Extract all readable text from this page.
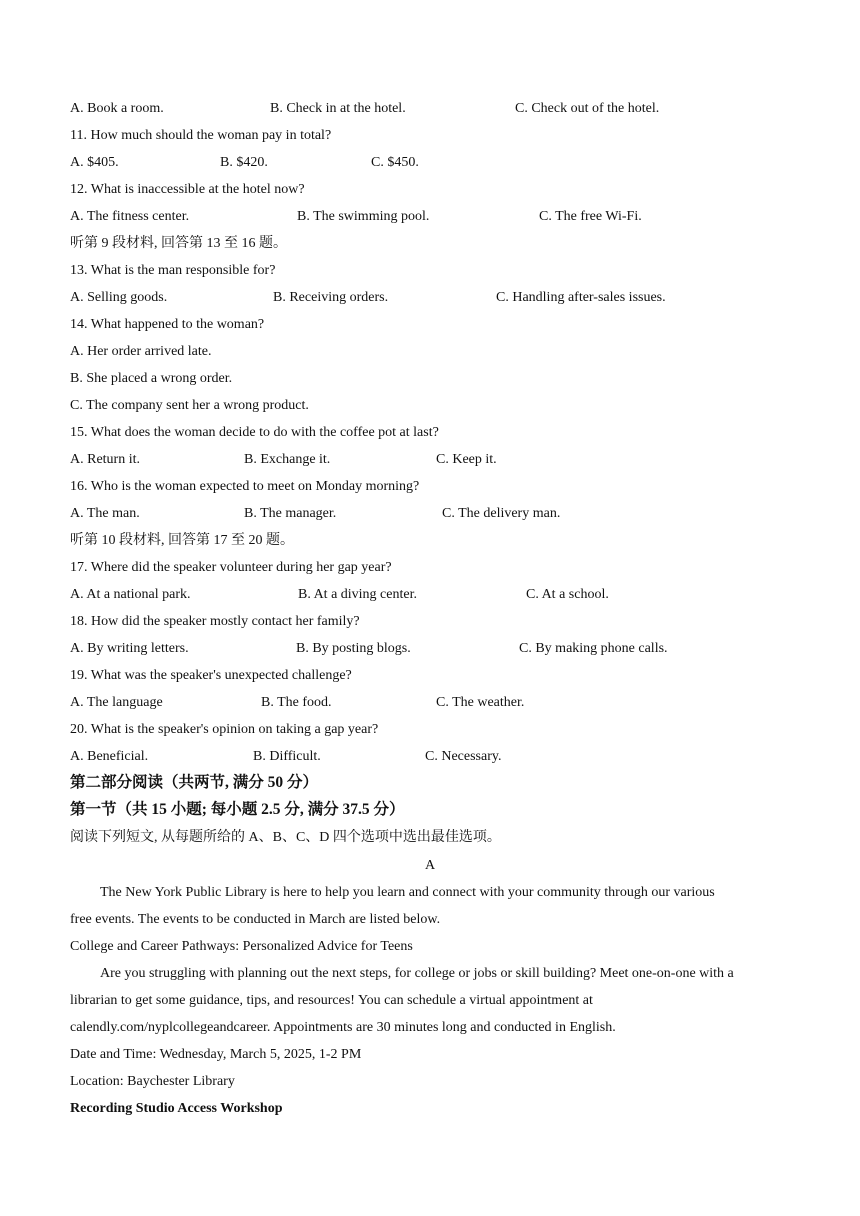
A. Book a room.	B. Check in at the hotel.	C. Check out of the hotel.
11. How much should the woman pay in total?
A. $405.	B. $420.	C. $450.
12. What is inaccessible at the hotel now?
A. The fitness center.	B. The swimming pool.	C. The free Wi-Fi.
听第 9 段材料, 回答第 13 至 16 题。
13. What is the man responsible for?
A. Selling goods.	B. Receiving orders.	C. Handling after-sales issues.
14. What happened to the woman?
A. Her order arrived late.
B. She placed a wrong order.
C. The company sent her a wrong product.
15. What does the woman decide to do with the coffee pot at last?
A. Return it.	B. Exchange it.	C. Keep it.
16. Who is the woman expected to meet on Monday morning?
A. The man.	B. The manager.	C. The delivery man.
听第 10 段材料, 回答第 17 至 20 题。
17. Where did the speaker volunteer during her gap year?
A. At a national park.	B. At a diving center.	C. At a school.
18. How did the speaker mostly contact her family?
A. By writing letters.	B. By posting blogs.	C. By making phone calls.
19. What was the speaker's unexpected challenge?
A. The language	B. The food.	C. The weather.
20. What is the speaker's opinion on taking a gap year?
A. Beneficial.	B. Difficult.	C. Necessary.
第二部分阅读（共两节, 满分 50 分）
第一节（共 15 小题; 每小题 2.5 分, 满分 37.5 分）
阅读下列短文, 从每题所给的 A、B、C、D 四个选项中选出最佳选项。
A
The New York Public Library is here to help you learn and connect with your community through our various
free events. The events to be conducted in March are listed below.
College and Career Pathways: Personalized Advice for Teens
Are you struggling with planning out the next steps, for college or jobs or skill building? Meet one-on-one with a
librarian to get some guidance, tips, and resources! You can schedule a virtual appointment at
calendly.com/nyplcollegeandcareer. Appointments are 30 minutes long and conducted in English.
Date and Time: Wednesday, March 5, 2025, 1-2 PM
Location: Baychester Library
Recording Studio Access Workshop
